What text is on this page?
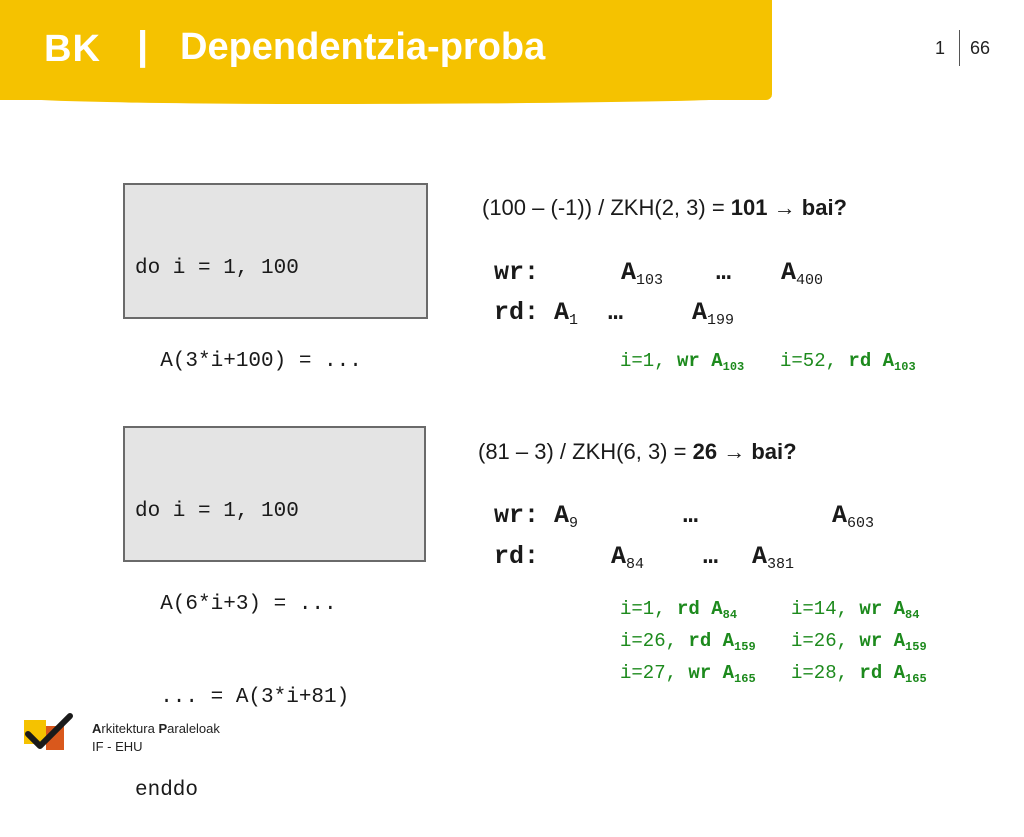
BK | Dependentzia-proba	1 66

do i = 1, 100

A(3*i+100) = ...

(100 – (-1)) / ZKH(2, 3) = 101 → bai?
wr:	$A_{103}$ … $A_{400}$
rd: $A_1$ …	$A_{199}$
i=1, wr $A_{103}$ i=52, rd $A_{103}$

do i = 1, 100

A(6*i+3) = ...

... = A(3*i+81)

enddo

(81 – 3) / ZKH(6, 3) = 26 → bai?
wr: $A_9$	…	$A_{603}$
rd:	$A_{84}$ … $A_{381}$
i=1, rd $A_{84}$	i=14, wr $A_{84}$
i=26, rd $A_{159}$ i=26, wr $A_{159}$
i=27, wr $A_{165}$ i=28, rd $A_{165}$
Arkitektura Paraleloak
IF - EHU
